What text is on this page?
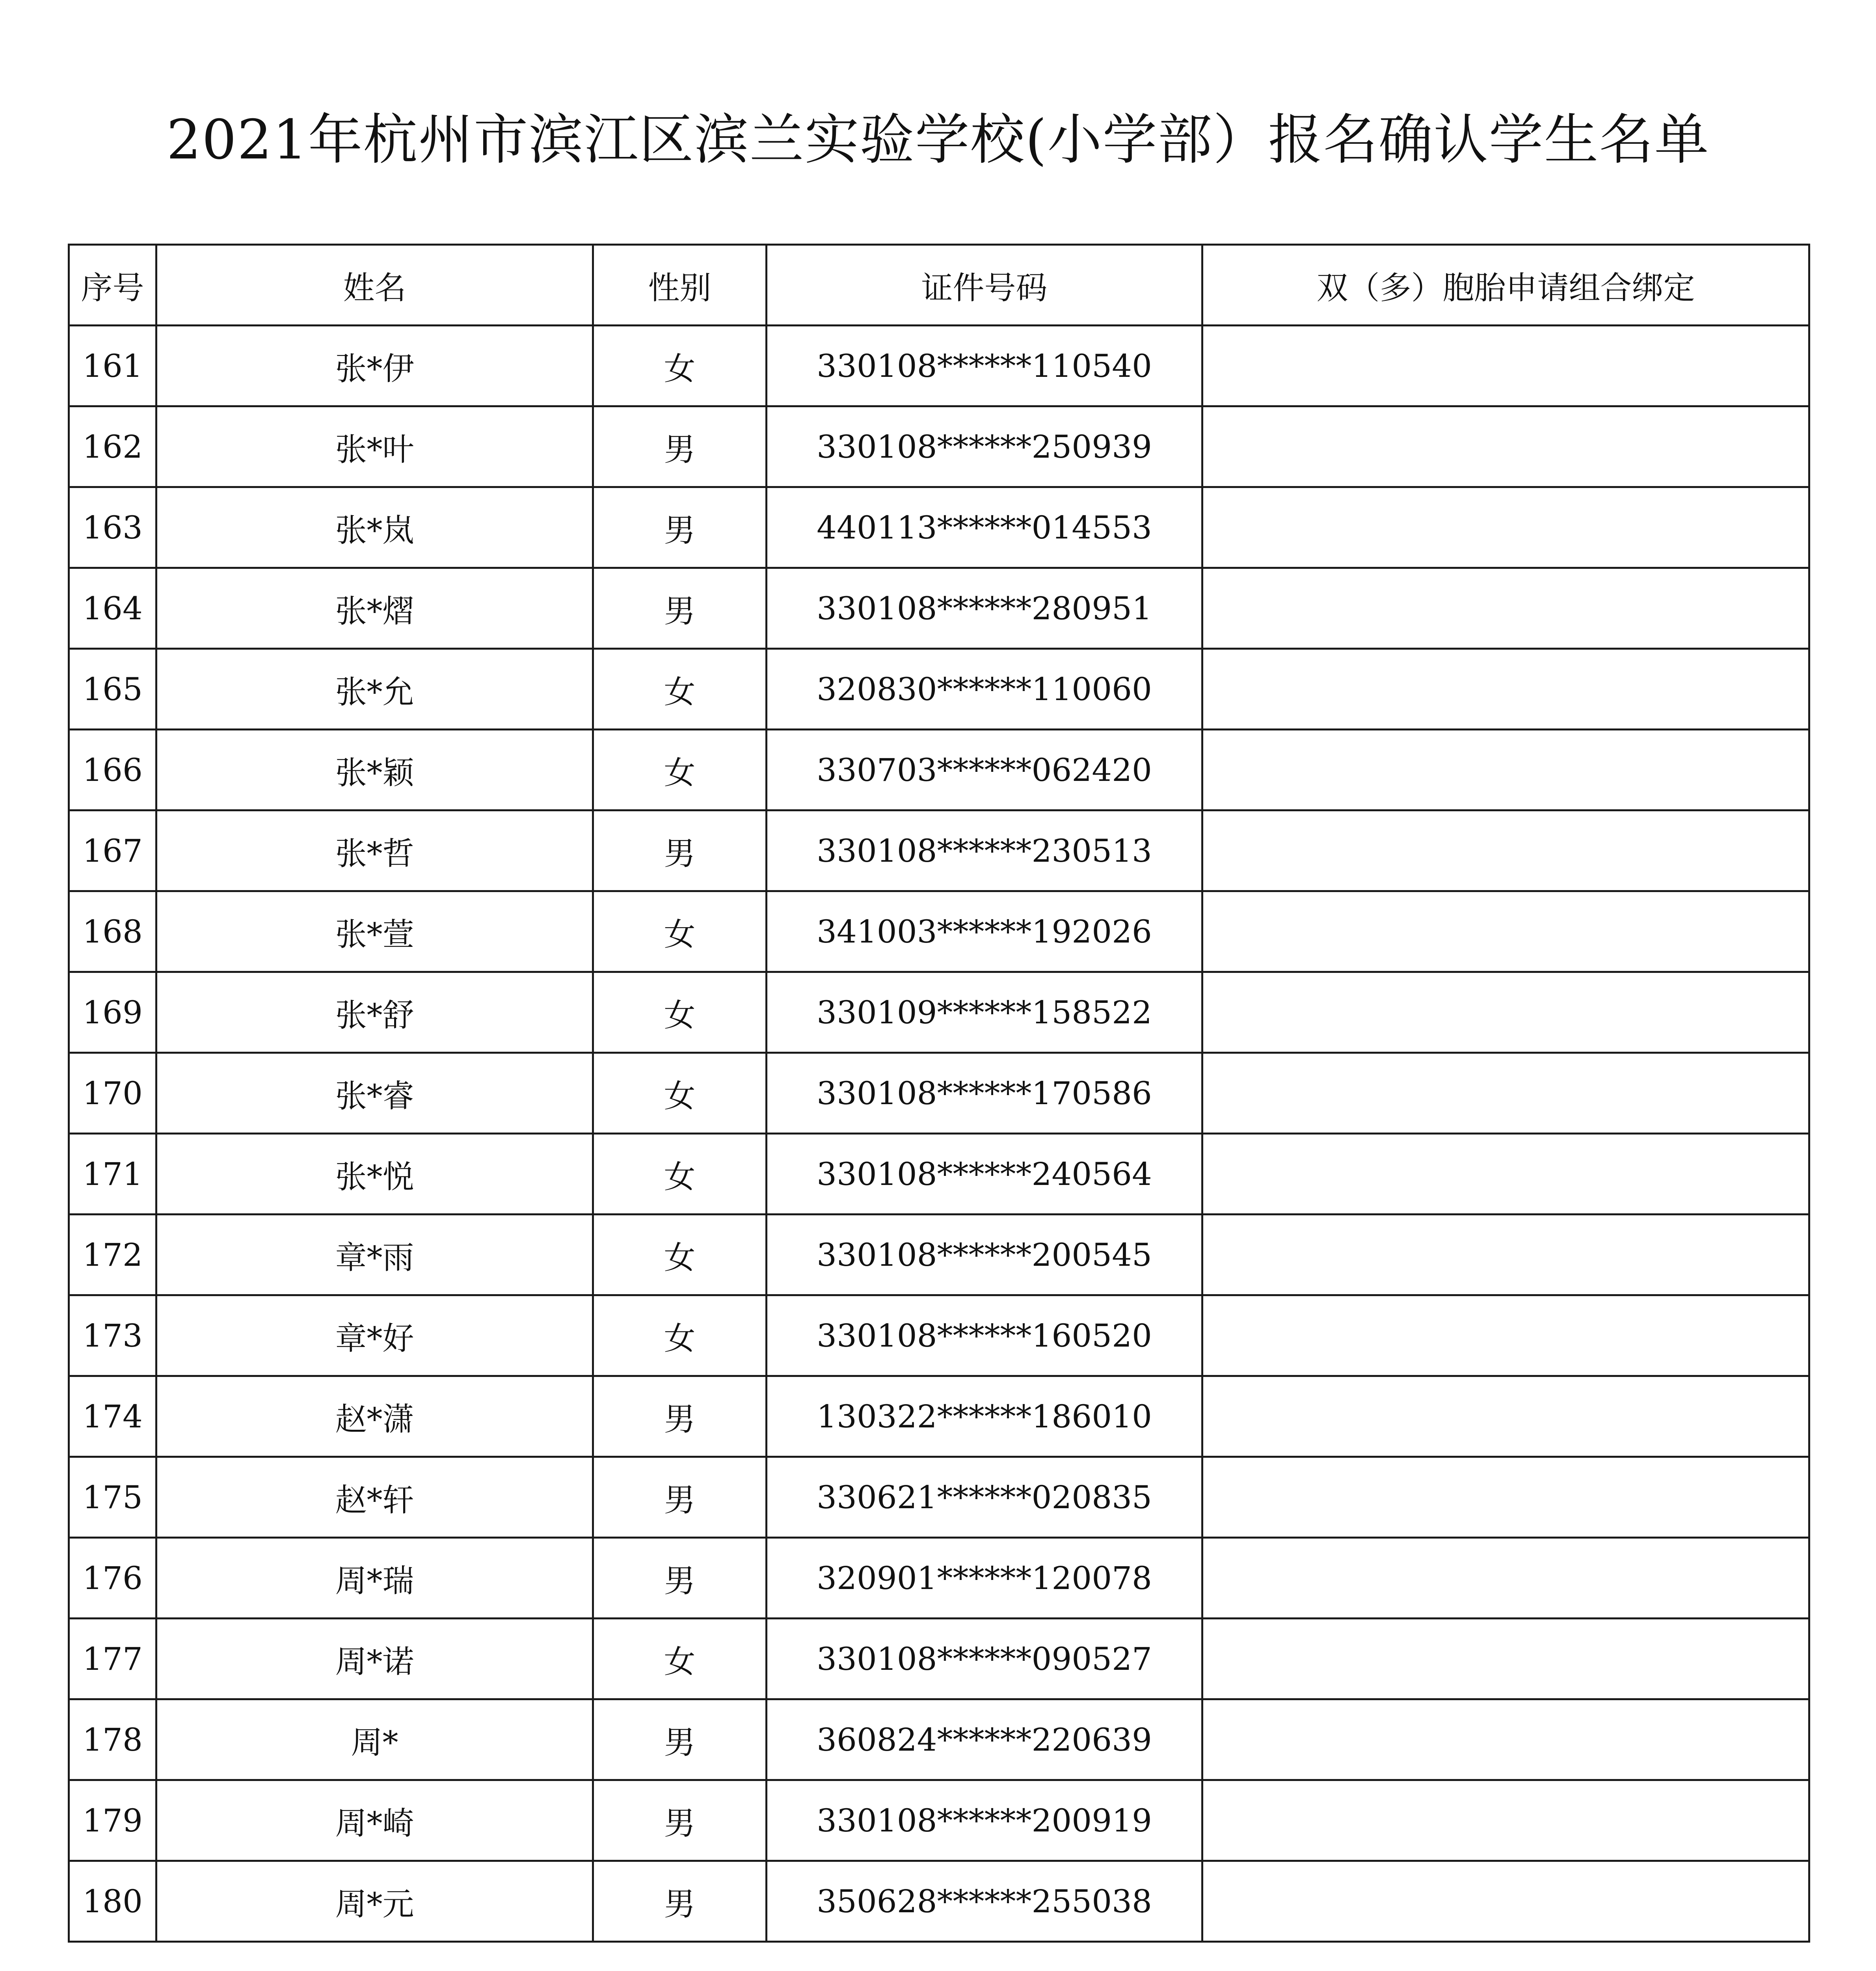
2021年杭州市滨江区滨兰实验学校(小学部）报名确认学生名单
序号	姓名	性别	证件号码	双（多）胞胎申请组合绑定
161	张*伊	女	330108******110540	
162	张*叶	男	330108******250939	
163	张*岚	男	440113******014553	
164	张*熠	男	330108******280951	
165	张*允	女	320830******110060	
166	张*颖	女	330703******062420	
167	张*哲	男	330108******230513	
168	张*萱	女	341003******192026	
169	张*舒	女	330109******158522	
170	张*睿	女	330108******170586	
171	张*悦	女	330108******240564	
172	章*雨	女	330108******200545	
173	章*好	女	330108******160520	
174	赵*潇	男	130322******186010	
175	赵*轩	男	330621******020835	
176	周*瑞	男	320901******120078	
177	周*诺	女	330108******090527	
178	周*	男	360824******220639	
179	周*崎	男	330108******200919	
180	周*元	男	350628******255038	
